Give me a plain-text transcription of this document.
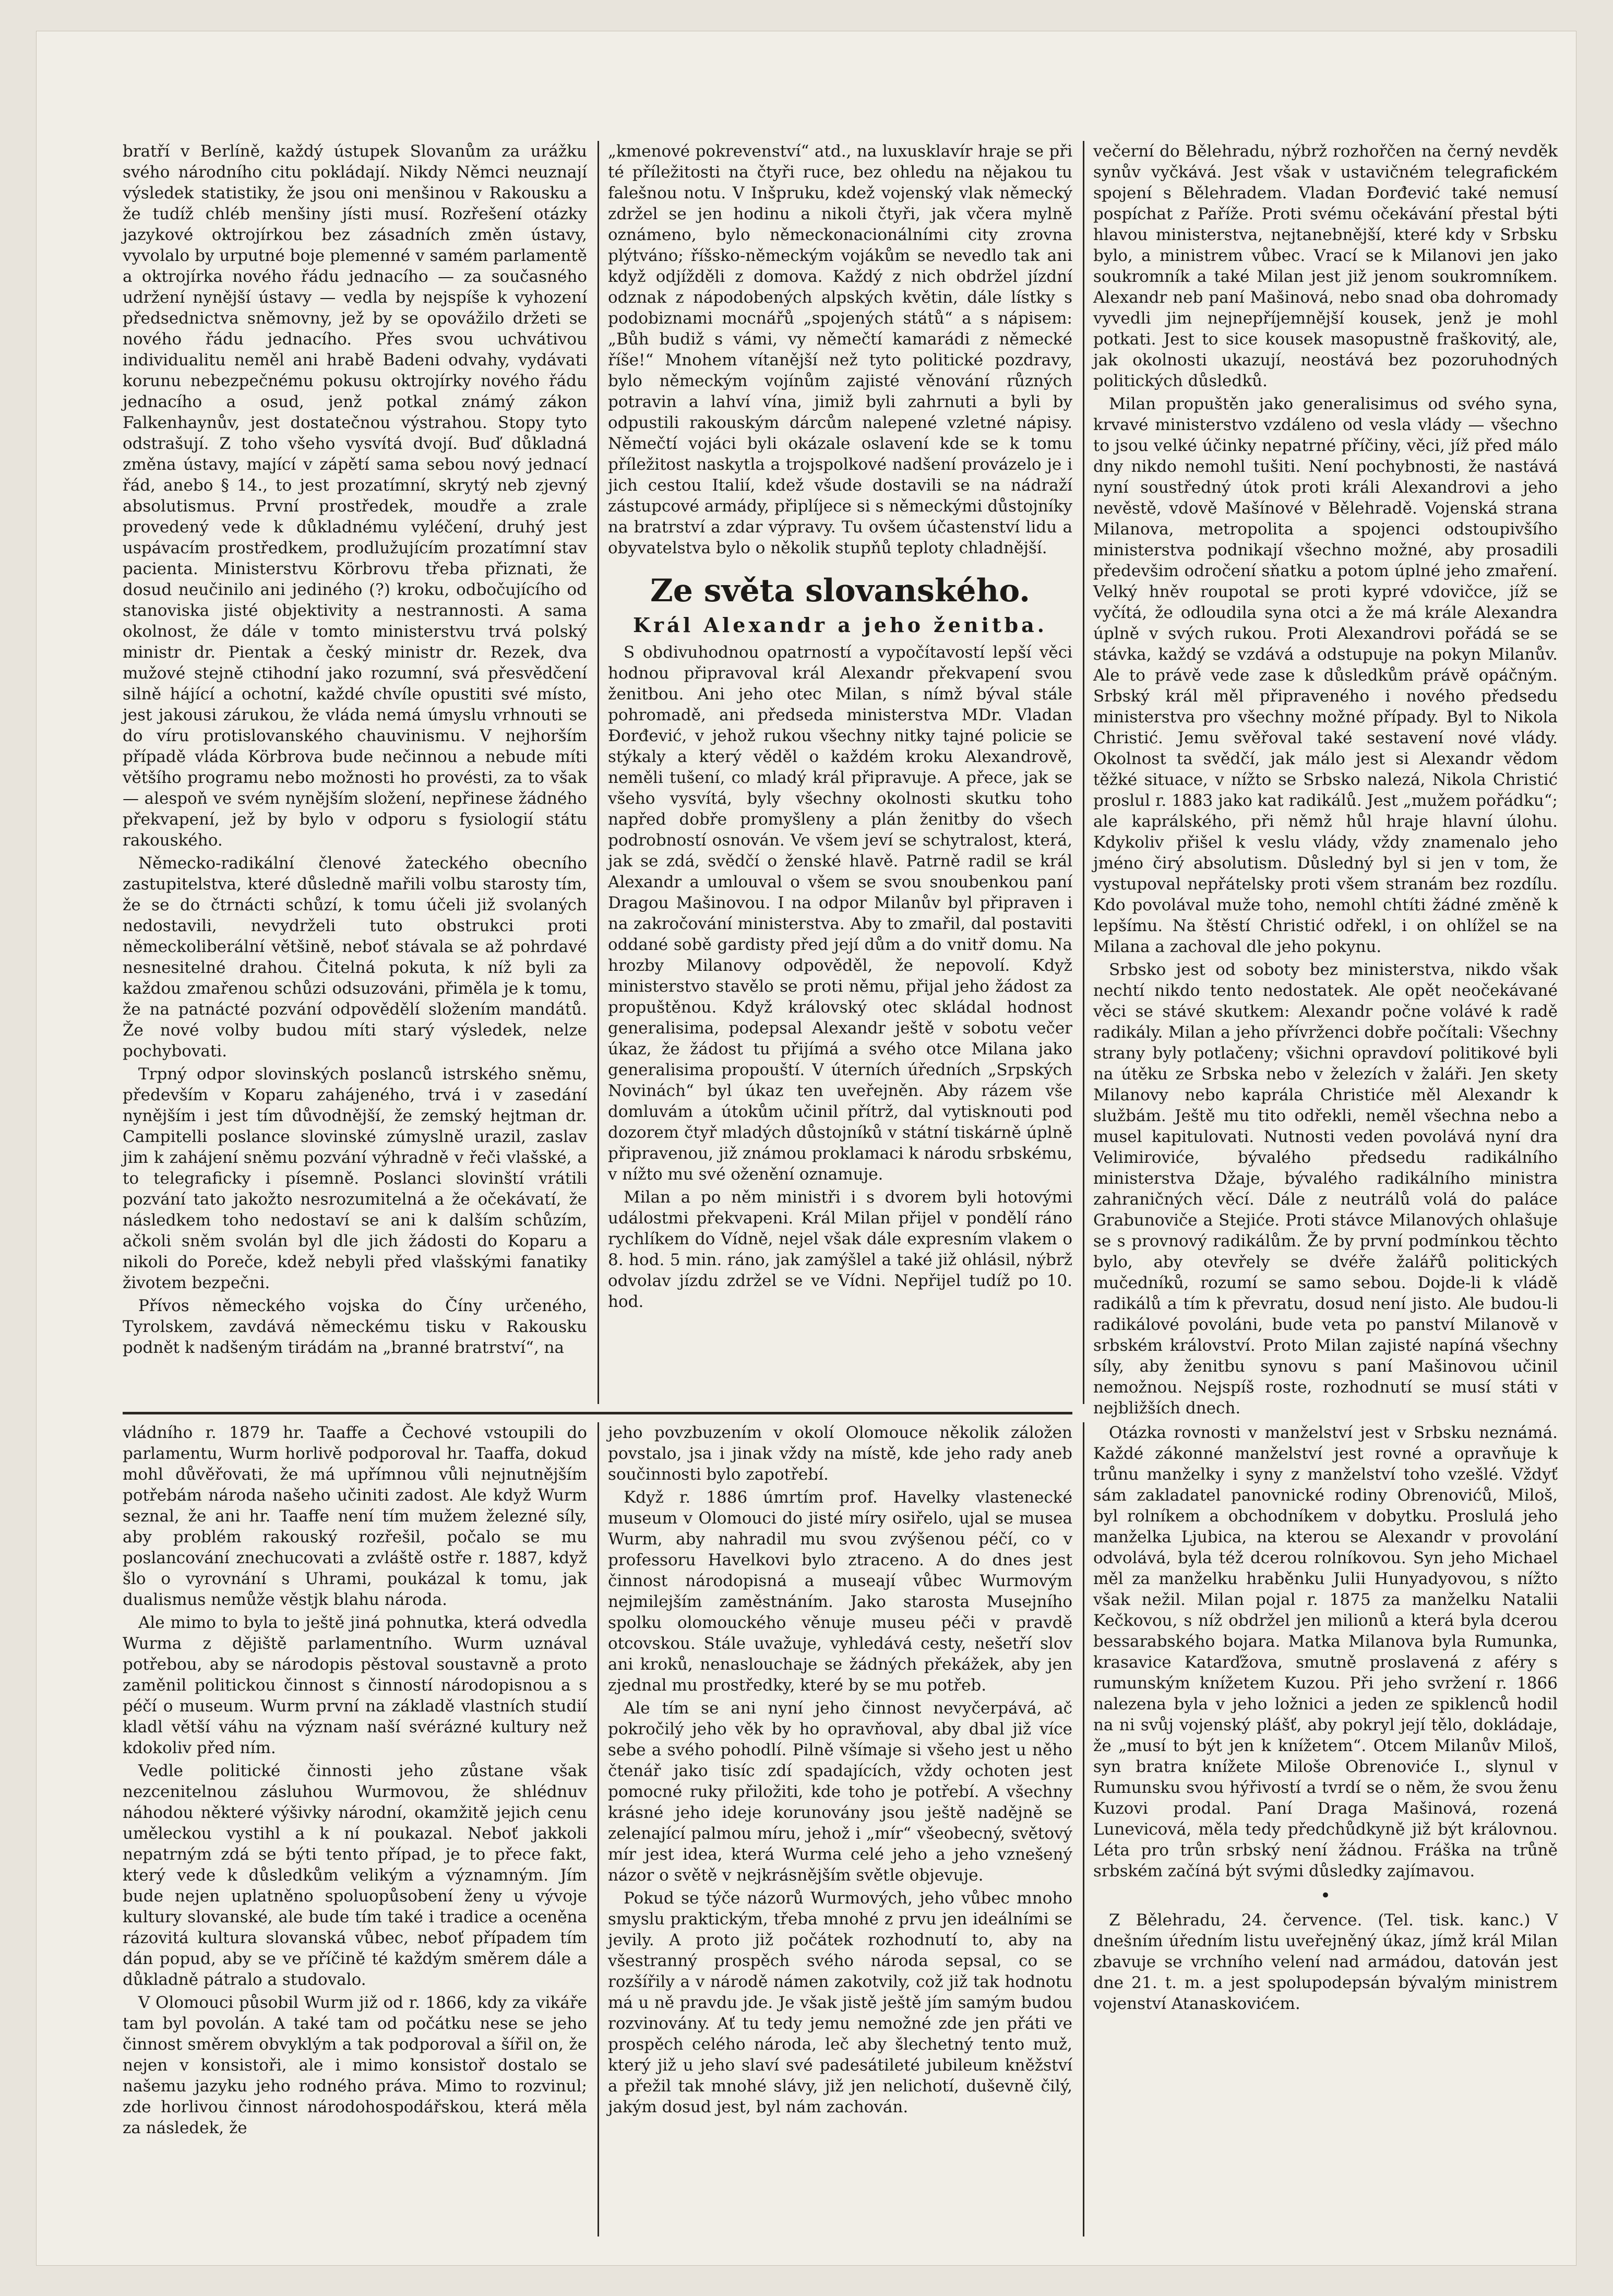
bratří v Berlíně, každý ústupek Slovanům za urážku svého národního citu pokládají. Nikdy Němci neuznají výsledek statistiky, že jsou oni menšinou v Rakousku a že tudíž chléb menšiny jísti musí. Rozřešení otázky jazykové oktrojírkou bez zásadních změn ústavy, vyvolalo by urputné boje plemenné v samém parlamentě a oktrojírka nového řádu jednacího — za současného udržení nynější ústavy — vedla by nejspíše k vyhození předsednictva sněmovny, jež by se opovážilo držeti se nového řádu jednacího. Přes svou uchvátivou individualitu neměl ani hrabě Badeni odvahy, vydávati korunu nebezpečnému pokusu oktrojírky nového řádu jednacího a osud, jenž potkal známý zákon Falkenhaynův, jest dostatečnou výstrahou. Stopy tyto odstrašují. Z toho všeho vysvítá dvojí. Buď důkladná změna ústavy, mající v zápětí sama sebou nový jednací řád, anebo § 14., to jest prozatímní, skrytý neb zjevný absolutismus. První prostředek, moudře a zrale provedený vede k důkladnému vyléčení, druhý jest uspávacím prostředkem, prodlužujícím prozatímní stav pacienta. Ministerstvu Körbrovu třeba přiznati, že dosud neučinilo ani jediného (?) kroku, odbočujícího od stanoviska jisté objektivity a nestrannosti. A sama okolnost, že dále v tomto ministerstvu trvá polský ministr dr. Pientak a český ministr dr. Rezek, dva mužové stejně ctihodní jako rozumní, svá přesvědčení silně hájící a ochotní, každé chvíle opustiti své místo, jest jakousi zárukou, že vláda nemá úmyslu vrhnouti se do víru protislovanského chauvinismu. V nejhorším případě vláda Körbrova bude nečinnou a nebude míti většího programu nebo možnosti ho provésti, za to však — alespoň ve svém nynějším složení, nepřinese žádného překvapení, jež by bylo v odporu s fysiologií státu rakouského.

Německo-radikální členové žateckého obecního zastupitelstva, které důsledně mařili volbu starosty tím, že se do čtrnácti schůzí, k tomu účeli již svolaných nedostavili, nevydrželi tuto obstrukci proti německoliberální většině, neboť stávala se až pohrdavé nesnesitelné drahou. Čitelná pokuta, k níž byli za každou zmařenou schůzi odsuzováni, přiměla je k tomu, že na patnácté pozvání odpovědělí složením mandátů. Že nové volby budou míti starý výsledek, nelze pochybovati.

Trpný odpor slovinských poslanců istrského sněmu, především v Koparu zahájeného, trvá i v zasedání nynějším i jest tím důvodnější, že zemský hejtman dr. Campitelli poslance slovinské zúmyslně urazil, zaslav jim k zahájení sněmu pozvání výhradně v řeči vlašské, a to telegraficky i písemně. Poslanci slovinští vrátili pozvání tato jakožto nesrozumitelná a že očekávatí, že následkem toho nedostaví se ani k dalším schůzím, ačkoli sněm svolán byl dle jich žádosti do Koparu a nikoli do Poreče, kdež nebyli před vlašskými fanatiky životem bezpečni.

Přívos německého vojska do Číny určeného, Tyrolskem, zavdává německému tisku v Rakousku podnět k nadšeným tirádám na „branné bratrství“, na

„kmenové pokrevenství“ atd., na luxusklavír hraje se při té příležitosti na čtyři ruce, bez ohledu na nějakou tu falešnou notu. V Inšpruku, kdež vojenský vlak německý zdržel se jen hodinu a nikoli čtyři, jak včera mylně oznámeno, bylo německonacionálními city zrovna plýtváno; říšsko-německým vojákům se nevedlo tak ani když odjížděli z domova. Každý z nich obdržel jízdní odznak z nápodobených alpských květin, dále lístky s podobiznami mocnářů „spojených států“ a s nápisem: „Bůh budiž s vámi, vy němečtí kamarádi z německé říše!“ Mnohem vítanější než tyto politické pozdravy, bylo německým vojínům zajisté věnování různých potravin a lahví vína, jimiž byli zahrnuti a byli by odpustili rakouským dárcům nalepené vzletné nápisy. Němečtí vojáci byli okázale oslavení kde se k tomu příležitost naskytla a trojspolkové nadšení provázelo je i jich cestou Italií, kdež všude dostavili se na nádraží zástupcové armády, připlíjece si s německými důstojníky na bratrství a zdar výpravy. Tu ovšem účastenství lidu a obyvatelstva bylo o několik stupňů teploty chladnější.

Ze světa slovanského.
Král Alexandr a jeho ženitba.

S obdivuhodnou opatrností a vypočítavostí lepší věci hodnou připravoval král Alexandr překvapení svou ženitbou. Ani jeho otec Milan, s nímž býval stále pohromadě, ani předseda ministerstva MDr. Vladan Đorđević, v jehož rukou všechny nitky tajné policie se stýkaly a který věděl o každém kroku Alexandrově, neměli tušení, co mladý král připravuje. A přece, jak se všeho vysvítá, byly všechny okolnosti skutku toho napřed dobře promyšleny a plán ženitby do všech podrobností osnován. Ve všem jeví se schytralost, která, jak se zdá, svědčí o ženské hlavě. Patrně radil se král Alexandr a umlouval o všem se svou snoubenkou paní Dragou Mašinovou. I na odpor Milanův byl připraven i na zakročování ministerstva. Aby to zmařil, dal postaviti oddané sobě gardisty před její dům a do vnitř domu. Na hrozby Milanovy odpověděl, že nepovolí. Když ministerstvo stavělo se proti němu, přijal jeho žádost za propuštěnou. Když královský otec skládal hodnost generalisima, podepsal Alexandr ještě v sobotu večer úkaz, že žádost tu přijímá a svého otce Milana jako generalisima propouští. V úterních úředních „Srpských Novinách“ byl úkaz ten uveřejněn. Aby rázem vše domluvám a útokům učinil přítrž, dal vytisknouti pod dozorem čtyř mladých důstojníků v státní tiskárně úplně připravenou, již známou proklamaci k národu srbskému, v nížto mu své oženění oznamuje.

Milan a po něm ministři i s dvorem byli hotovými událostmi překvapeni. Král Milan přijel v pondělí ráno rychlíkem do Vídně, nejel však dále expresním vlakem o 8. hod. 5 min. ráno, jak zamýšlel a také již ohlásil, nýbrž odvolav jízdu zdržel se ve Vídni. Nepřijel tudíž po 10. hod.

večerní do Bělehradu, nýbrž rozhořčen na černý nevděk synův vyčkává. Jest však v ustavičném telegrafickém spojení s Bělehradem. Vladan Đorđević také nemusí pospíchat z Paříže. Proti svému očekávání přestal býti hlavou ministerstva, nejtanebnější, které kdy v Srbsku bylo, a ministrem vůbec. Vrací se k Milanovi jen jako soukromník a také Milan jest již jenom soukromníkem. Alexandr neb paní Mašinová, nebo snad oba dohromady vyvedli jim nejnepříjemnější kousek, jenž je mohl potkati. Jest to sice kousek masopustně fraškovitý, ale, jak okolnosti ukazují, neostává bez pozoruhodných politických důsledků.

Milan propuštěn jako generalisimus od svého syna, krvavé ministerstvo vzdáleno od vesla vlády — všechno to jsou velké účinky nepatrné příčiny, věci, jíž před málo dny nikdo nemohl tušiti. Není pochybnosti, že nastává nyní soustředný útok proti králi Alexandrovi a jeho nevěstě, vdově Mašínové v Bělehradě. Vojenská strana Milanova, metropolita a spojenci odstoupivšího ministerstva podnikají všechno možné, aby prosadili předevšim odročení sňatku a potom úplné jeho zmaření. Velký hněv roupotal se proti kypré vdovičce, jíž se vyčítá, že odloudila syna otci a že má krále Alexandra úplně v svých rukou. Proti Alexandrovi pořádá se se stávka, každý se vzdává a odstupuje na pokyn Milanův. Ale to právě vede zase k důsledkům právě opáčným. Srbský král měl připraveného i nového předsedu ministerstva pro všechny možné případy. Byl to Nikola Christić. Jemu svěřoval také sestavení nové vlády. Okolnost ta svědčí, jak málo jest si Alexandr vědom těžké situace, v nížto se Srbsko nalezá, Nikola Christić proslul r. 1883 jako kat radikálů. Jest „mužem pořádku“; ale kaprálského, při němž hůl hraje hlavní úlohu. Kdykoliv přišel k veslu vlády, vždy znamenalo jeho jméno čirý absolutism. Důsledný byl si jen v tom, že vystupoval nepřátelsky proti všem stranám bez rozdílu. Kdo povolával muže toho, nemohl chtíti žádné změně k lepšímu. Na štěstí Christić odřekl, i on ohlížel se na Milana a zachoval dle jeho pokynu.

Srbsko jest od soboty bez ministerstva, nikdo však nechtí nikdo tento nedostatek. Ale opět neočekávané věci se stávé skutkem: Alexandr počne volávé k radě radikály. Milan a jeho přívrženci dobře počítali: Všechny strany byly potlačeny; všichni opravdoví politikové byli na útěku ze Srbska nebo v železích v žaláři. Jen skety Milanovy nebo kaprála Christiće měl Alexandr k službám. Ještě mu tito odřekli, neměl všechna nebo a musel kapitulovati. Nutnosti veden povolává nyní dra Velimiroviće, bývalého předsedu radikálního ministerstva Džaje, bývalého radikálního ministra zahraničných věcí. Dále z neutrálů volá do paláce Grabunoviče a Stejiće. Proti stávce Milanových ohlašuje se s provnový radikálům. Že by první podmínkou těchto bylo, aby otevřely se dvéře žalářů politických mučedníků, rozumí se samo sebou. Dojde-li k vládě radikálů a tím k převratu, dosud není jisto. Ale budou-li radikálové povoláni, bude veta po panství Milanově v srbském království. Proto Milan zajisté napíná všechny síly, aby ženitbu synovu s paní Mašinovou učinil nemožnou. Nejspíš roste, rozhodnutí se musí státi v nejbližších dnech.

vládního r. 1879 hr. Taaffe a Čechové vstoupili do parlamentu, Wurm horlivě podporoval hr. Taaffa, dokud mohl důvěřovati, že má upřímnou vůli nejnutnějším potřebám národa našeho učiniti zadost. Ale když Wurm seznal, že ani hr. Taaffe není tím mužem železné síly, aby problém rakouský rozřešil, počalo se mu poslancování znechucovati a zvláště ostře r. 1887, když šlo o vyrovnání s Uhrami, poukázal k tomu, jak dualismus nemůže věstjk blahu národa.

Ale mimo to byla to ještě jiná pohnutka, která odvedla Wurma z dějiště parlamentního. Wurm uznával potřebou, aby se národopis pěstoval soustavně a proto zaměnil politickou činnost s činností národopisnou a s péčí o museum. Wurm první na základě vlastních studií kladl větší váhu na význam naší svérázné kultury než kdokoliv před ním.

Vedle politické činnosti jeho zůstane však nezcenitelnou zásluhou Wurmovou, že shlédnuv náhodou některé výšivky národní, okamžitě jejich cenu uměleckou vystihl a k ní poukazal. Neboť jakkoli nepatrným zdá se býti tento případ, je to přece fakt, který vede k důsledkům velikým a významným. Jím bude nejen uplatněno spoluopůsobení ženy u vývoje kultury slovanské, ale bude tím také i tradice a oceněna rázovitá kultura slovanská vůbec, neboť případem tím dán popud, aby se ve příčině té každým směrem dále a důkladně pátralo a studovalo.

V Olomouci působil Wurm již od r. 1866, kdy za vikáře tam byl povolán. A také tam od počátku nese se jeho činnost směrem obvyklým a tak podporoval a šířil on, že nejen v konsistoři, ale i mimo konsistoř dostalo se našemu jazyku jeho rodného práva. Mimo to rozvinul; zde horlivou činnost národohospodářskou, která měla za následek, že

jeho povzbuzením v okolí Olomouce několik záložen povstalo, jsa i jinak vždy na místě, kde jeho rady aneb součinnosti bylo zapotřebí.

Když r. 1886 úmrtím prof. Havelky vlastenecké museum v Olomouci do jisté míry osiřelo, ujal se musea Wurm, aby nahradil mu svou zvýšenou péčí, co v professoru Havelkovi bylo ztraceno. A do dnes jest činnost národopisná a museají vůbec Wurmovým nejmilejším zaměstnáním. Jako starosta Musejního spolku olomouckého věnuje museu péči v pravdě otcovskou. Stále uvažuje, vyhledává cesty, nešetří slov ani kroků, nenaslouchaje se žádných překážek, aby jen zjednal mu prostředky, které by se mu potřeb.

Ale tím se ani nyní jeho činnost nevyčerpává, ač pokročilý jeho věk by ho opravňoval, aby dbal již více sebe a svého pohodlí. Pilně všímaje si všeho jest u něho čtenář jako tisíc zdí spadajících, vždy ochoten jest pomocné ruky přiložiti, kde toho je potřebí. A všechny krásné jeho ideje korunovány jsou ještě nadějně se zelenající palmou míru, jehož i „mír“ všeobecný, světový mír jest idea, která Wurma celé jeho a jeho vznešený názor o světě v nejkrásnějším světle objevuje.

Pokud se týče názorů Wurmových, jeho vůbec mnoho smyslu praktickým, třeba mnohé z prvu jen ideálními se jevily. A proto již počátek rozhodnutí to, aby na všestranný prospěch svého národa sepsal, co se rozšířily a v národě námen zakotvily, což již tak hodnotu má u ně pravdu jde. Je však jistě ještě jím samým budou rozvinovány. Ať tu tedy jemu nemožné zde jen přáti ve prospěch celého národa, leč aby šlechetný tento muž, který již u jeho slaví své padesátileté jubileum kněžství a přežil tak mnohé slávy, již jen nelichotí, duševně čilý, jakým dosud jest, byl nám zachován.

Otázka rovnosti v manželství jest v Srbsku neznámá. Každé zákonné manželství jest rovné a opravňuje k trůnu manželky i syny z manželství toho vzešlé. Vždyť sám zakladatel panovnické rodiny Obrenovićů, Miloš, byl rolníkem a obchodníkem v dobytku. Proslulá jeho manželka Ljubica, na kterou se Alexandr v provolání odvolává, byla též dcerou rolníkovou. Syn jeho Michael měl za manželku hraběnku Julii Hunyadyovou, s nížto však nežil. Milan pojal r. 1875 za manželku Natalii Kečkovou, s níž obdržel jen milionů a která byla dcerou bessarabského bojara. Matka Milanova byla Rumunka, krasavice Katarďžova, smutně proslavená z aféry s rumunským knížetem Kuzou. Při jeho svržení r. 1866 nalezena byla v jeho ložnici a jeden ze spiklenců hodil na ni svůj vojenský plášť, aby pokryl její tělo, dokládaje, že „musí to být jen k knížetem“. Otcem Milanův Miloš, syn bratra knížete Miloše Obrenoviće I., slynul v Rumunsku svou hýřivostí a tvrdí se o něm, že svou ženu Kuzovi prodal. Paní Draga Mašinová, rozená Lunevicová, měla tedy předchůdkyně již být královnou. Léta pro trůn srbský není žádnou. Fráška na trůně srbském začíná být svými důsledky zajímavou.

•

Z Bělehradu, 24. července. (Tel. tisk. kanc.) V dnešním úředním listu uveřejněný úkaz, jímž král Milan zbavuje se vrchního velení nad armádou, datován jest dne 21. t. m. a jest spolupodepsán bývalým ministrem vojenství Atanaskovićem.
